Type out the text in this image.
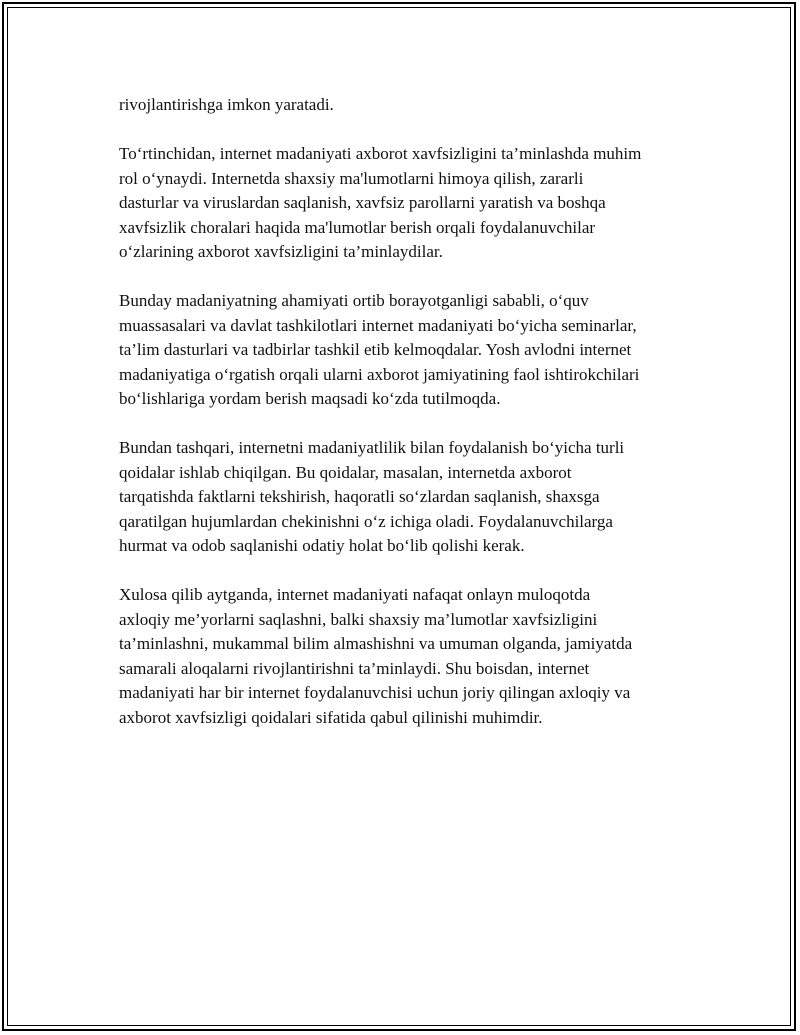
rivojlantirishga imkon yaratadi.

To‘rtinchidan, internet madaniyati axborot xavfsizligini ta’minlashda muhim
rol o‘ynaydi. Internetda shaxsiy ma'lumotlarni himoya qilish, zararli
dasturlar va viruslardan saqlanish, xavfsiz parollarni yaratish va boshqa
xavfsizlik choralari haqida ma'lumotlar berish orqali foydalanuvchilar
o‘zlarining axborot xavfsizligini ta’minlaydilar.

Bunday madaniyatning ahamiyati ortib borayotganligi sababli, o‘quv
muassasalari va davlat tashkilotlari internet madaniyati bo‘yicha seminarlar,
ta’lim dasturlari va tadbirlar tashkil etib kelmoqdalar. Yosh avlodni internet
madaniyatiga o‘rgatish orqali ularni axborot jamiyatining faol ishtirokchilari
bo‘lishlariga yordam berish maqsadi ko‘zda tutilmoqda.

Bundan tashqari, internetni madaniyatlilik bilan foydalanish bo‘yicha turli
qoidalar ishlab chiqilgan. Bu qoidalar, masalan, internetda axborot
tarqatishda faktlarni tekshirish, haqoratli so‘zlardan saqlanish, shaxsga
qaratilgan hujumlardan chekinishni o‘z ichiga oladi. Foydalanuvchilarga
hurmat va odob saqlanishi odatiy holat bo‘lib qolishi kerak.

Xulosa qilib aytganda, internet madaniyati nafaqat onlayn muloqotda
axloqiy me’yorlarni saqlashni, balki shaxsiy ma’lumotlar xavfsizligini
ta’minlashni, mukammal bilim almashishni va umuman olganda, jamiyatda
samarali aloqalarni rivojlantirishni ta’minlaydi. Shu boisdan, internet
madaniyati har bir internet foydalanuvchisi uchun joriy qilingan axloqiy va
axborot xavfsizligi qoidalari sifatida qabul qilinishi muhimdir.
